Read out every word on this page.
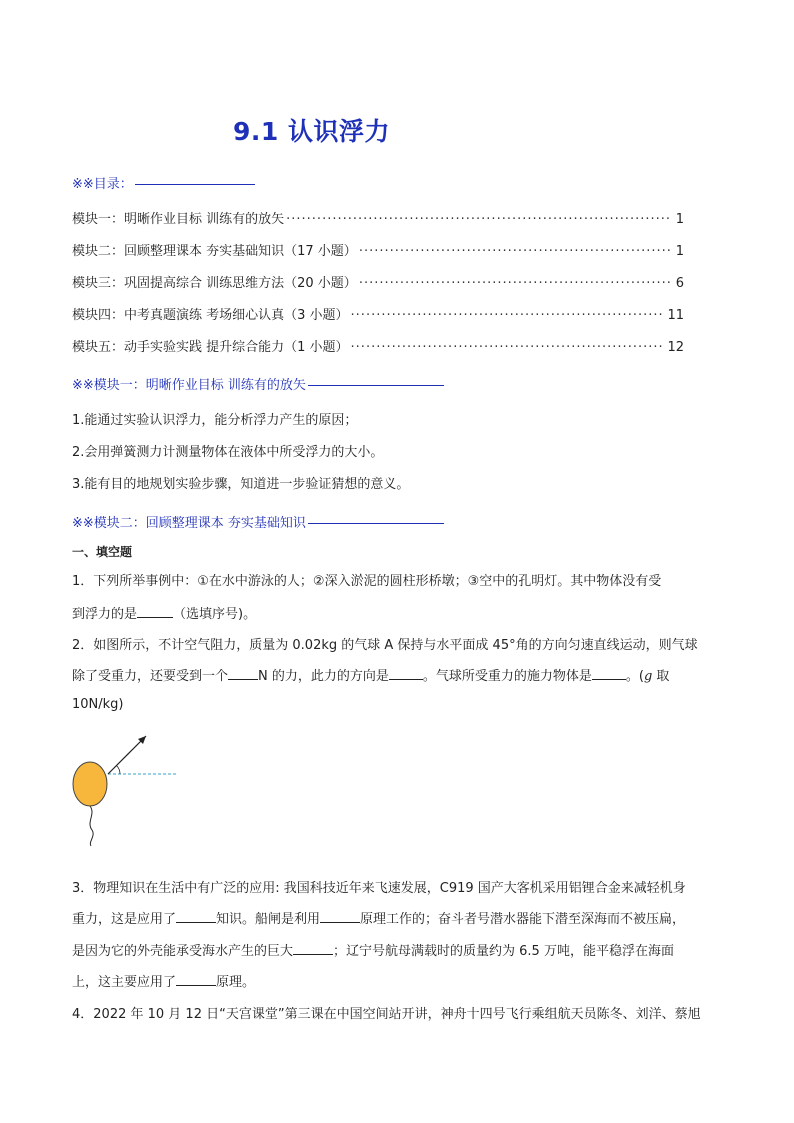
9.1 认识浮力
※※目录：
模块一：明晰作业目标 训练有的放矢 ·····	1
模块二：回顾整理课本 夯实基础知识（17 小题） ·····	1
模块三：巩固提高综合 训练思维方法（20 小题） ·····	6
模块四：中考真题演练 考场细心认真（3 小题） ·····	11
模块五：动手实验实践 提升综合能力（1 小题） ·····	12
※※模块一：明晰作业目标 训练有的放矢
1.能通过实验认识浮力，能分析浮力产生的原因；
2.会用弹簧测力计测量物体在液体中所受浮力的大小。
3.能有目的地规划实验步骤，知道进一步验证猜想的意义。
※※模块二：回顾整理课本 夯实基础知识
一、填空题
1．下列所举事例中：①在水中游泳的人；②深入淤泥的圆柱形桥墩；③空中的孔明灯。其中物体没有受
到浮力的是	（选填序号)。
2．如图所示，不计空气阻力，质量为 0.02kg 的气球 A 保持与水平面成 45°角的方向匀速直线运动，则气球
除了受重力，还要受到一个 N 的力，此力的方向是	。气球所受重力的施力物体是	。(g 取
10N/kg)
3．物理知识在生活中有广泛的应用: 我国科技近年来飞速发展，C919 国产大客机采用铝锂合金来减轻机身
重力，这是应用了	知识。船闸是利用	原理工作的；奋斗者号潜水器能下潜至深海而不被压扁，
是因为它的外壳能承受海水产生的巨大	；辽宁号航母满载时的质量约为 6.5 万吨，能平稳浮在海面
上，这主要应用了	原理。
4．2022 年 10 月 12 日“天宫课堂”第三课在中国空间站开讲，神舟十四号飞行乘组航天员陈冬、刘洋、蔡旭
